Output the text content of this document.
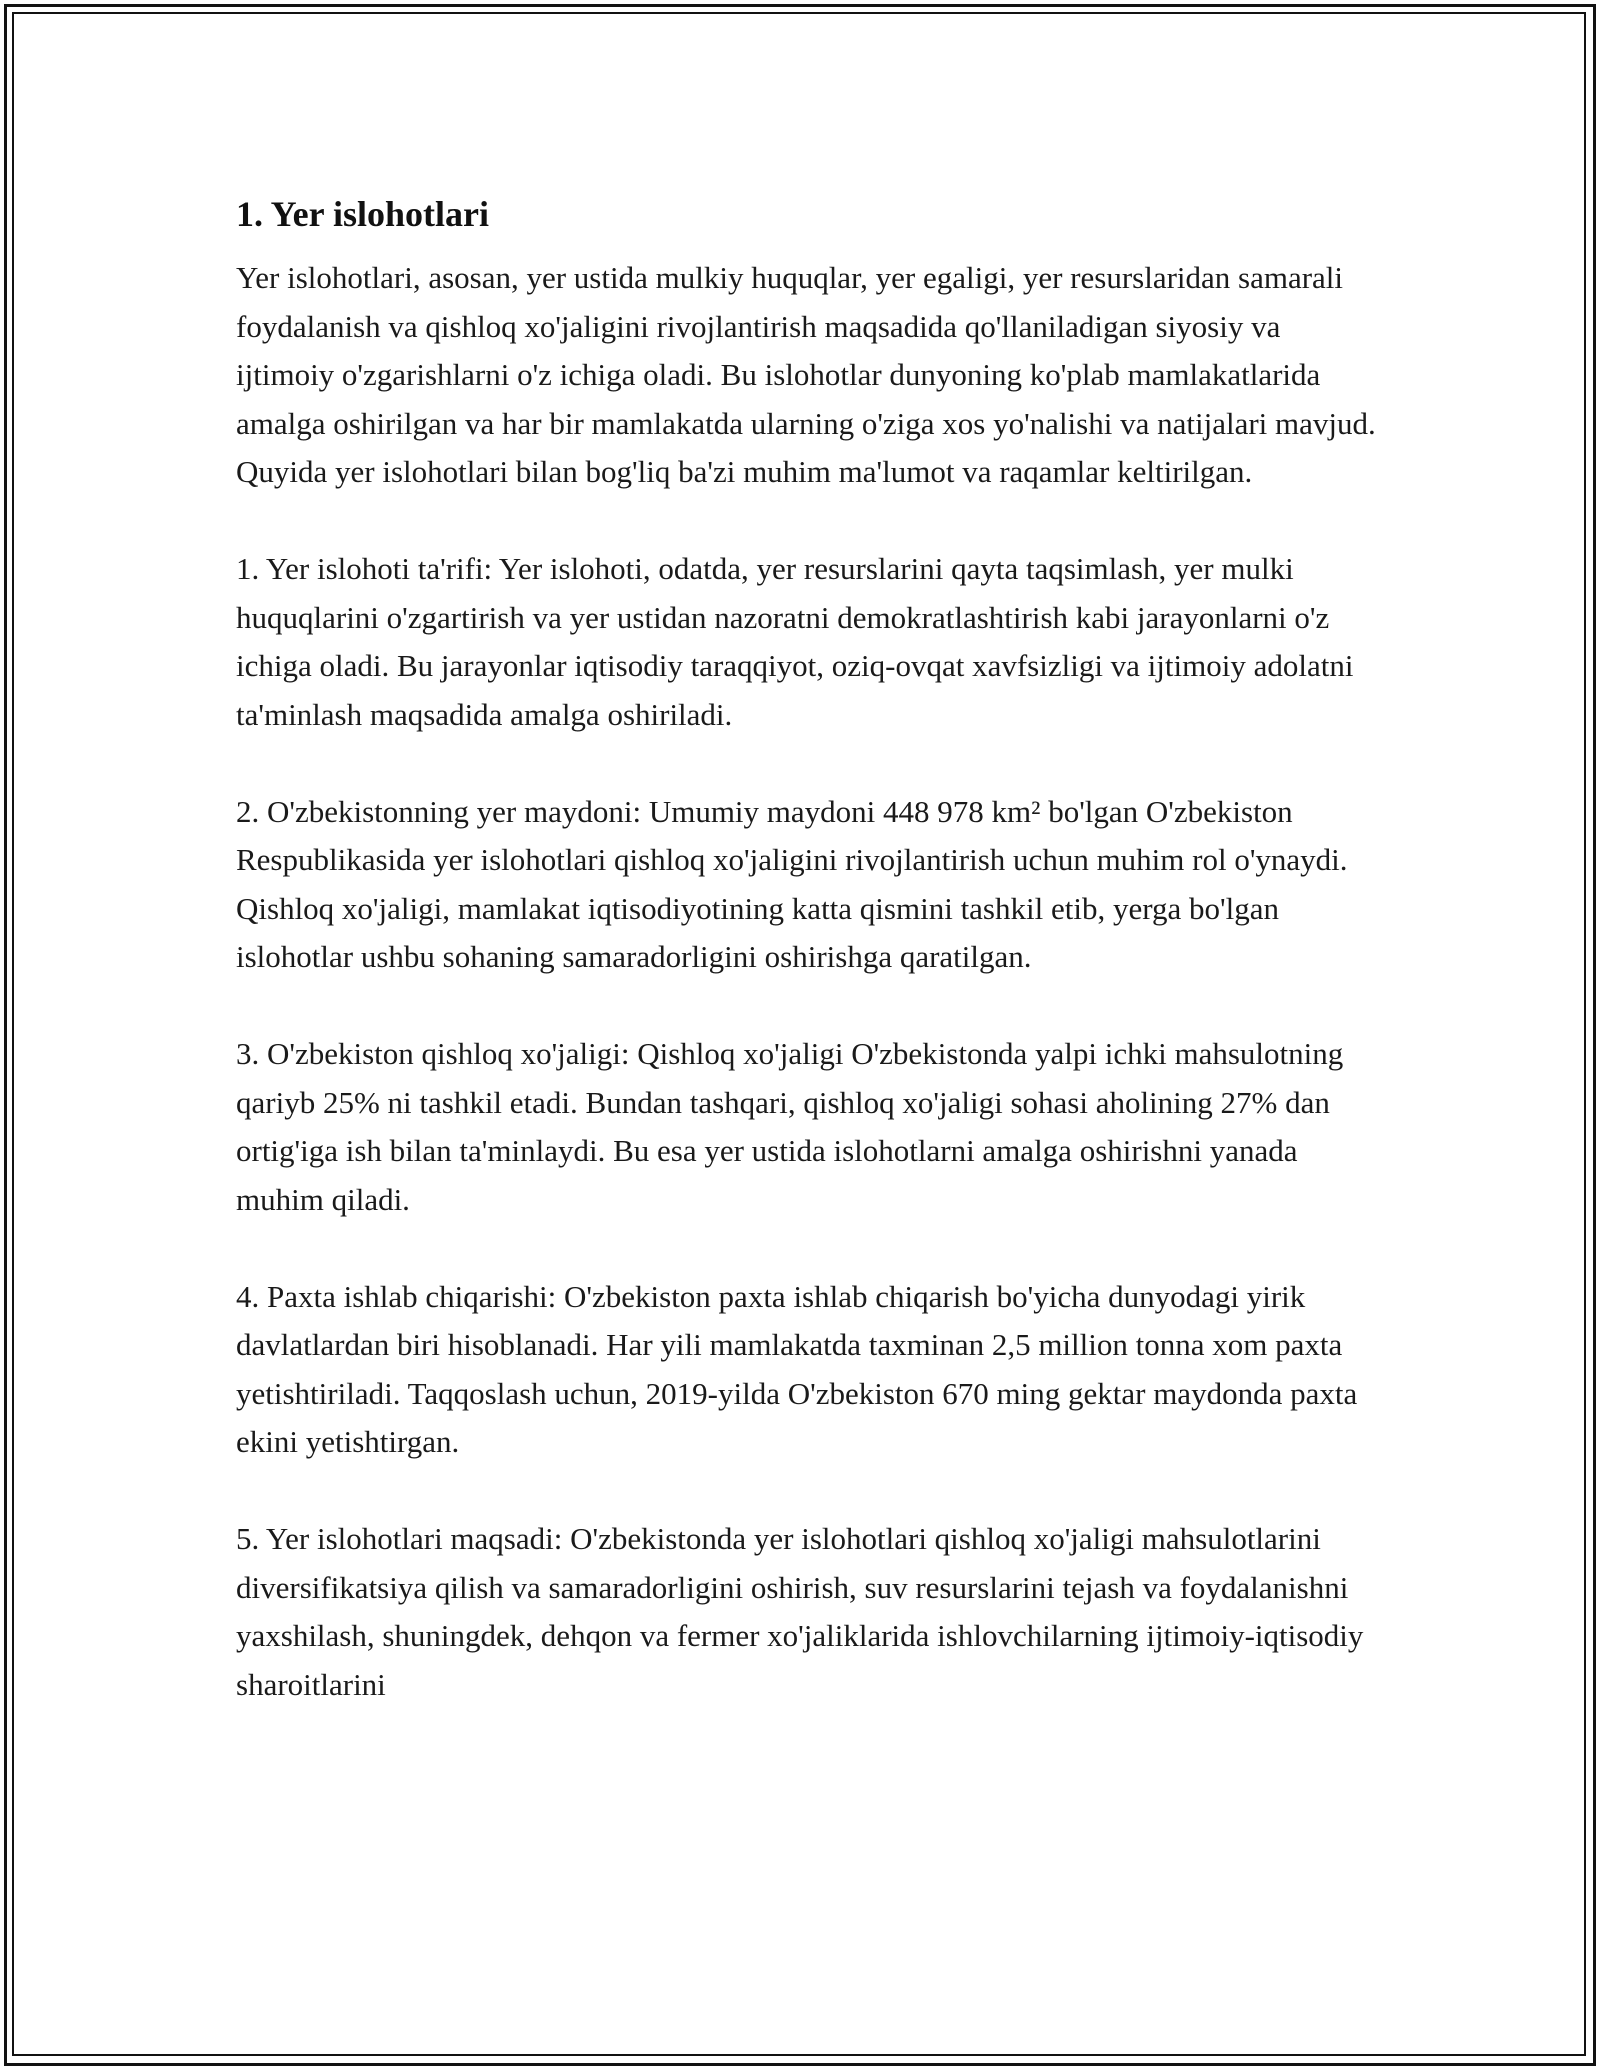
1. Yer islohotlari

Yer islohotlari, asosan, yer ustida mulkiy huquqlar, yer egaligi, yer resurslaridan samarali foydalanish va qishloq xo'jaligini rivojlantirish maqsadida qo'llaniladigan siyosiy va ijtimoiy o'zgarishlarni o'z ichiga oladi. Bu islohotlar dunyoning ko'plab mamlakatlarida amalga oshirilgan va har bir mamlakatda ularning o'ziga xos yo'nalishi va natijalari mavjud. Quyida yer islohotlari bilan bog'liq ba'zi muhim ma'lumot va raqamlar keltirilgan.

1. Yer islohoti ta'rifi: Yer islohoti, odatda, yer resurslarini qayta taqsimlash, yer mulki huquqlarini o'zgartirish va yer ustidan nazoratni demokratlashtirish kabi jarayonlarni o'z ichiga oladi. Bu jarayonlar iqtisodiy taraqqiyot, oziq-ovqat xavfsizligi va ijtimoiy adolatni ta'minlash maqsadida amalga oshiriladi.

2. O'zbekistonning yer maydoni: Umumiy maydoni 448 978 km² bo'lgan O'zbekiston Respublikasida yer islohotlari qishloq xo'jaligini rivojlantirish uchun muhim rol o'ynaydi. Qishloq xo'jaligi, mamlakat iqtisodiyotining katta qismini tashkil etib, yerga bo'lgan islohotlar ushbu sohaning samaradorligini oshirishga qaratilgan.

3. O'zbekiston qishloq xo'jaligi: Qishloq xo'jaligi O'zbekistonda yalpi ichki mahsulotning qariyb 25% ni tashkil etadi. Bundan tashqari, qishloq xo'jaligi sohasi aholining 27% dan ortig'iga ish bilan ta'minlaydi. Bu esa yer ustida islohotlarni amalga oshirishni yanada muhim qiladi.

4. Paxta ishlab chiqarishi: O'zbekiston paxta ishlab chiqarish bo'yicha dunyodagi yirik davlatlardan biri hisoblanadi. Har yili mamlakatda taxminan 2,5 million tonna xom paxta yetishtiriladi. Taqqoslash uchun, 2019-yilda O'zbekiston 670 ming gektar maydonda paxta ekini yetishtirgan.

5. Yer islohotlari maqsadi: O'zbekistonda yer islohotlari qishloq xo'jaligi mahsulotlarini diversifikatsiya qilish va samaradorligini oshirish, suv resurslarini tejash va foydalanishni yaxshilash, shuningdek, dehqon va fermer xo'jaliklarida ishlovchilarning ijtimoiy-iqtisodiy sharoitlarini
